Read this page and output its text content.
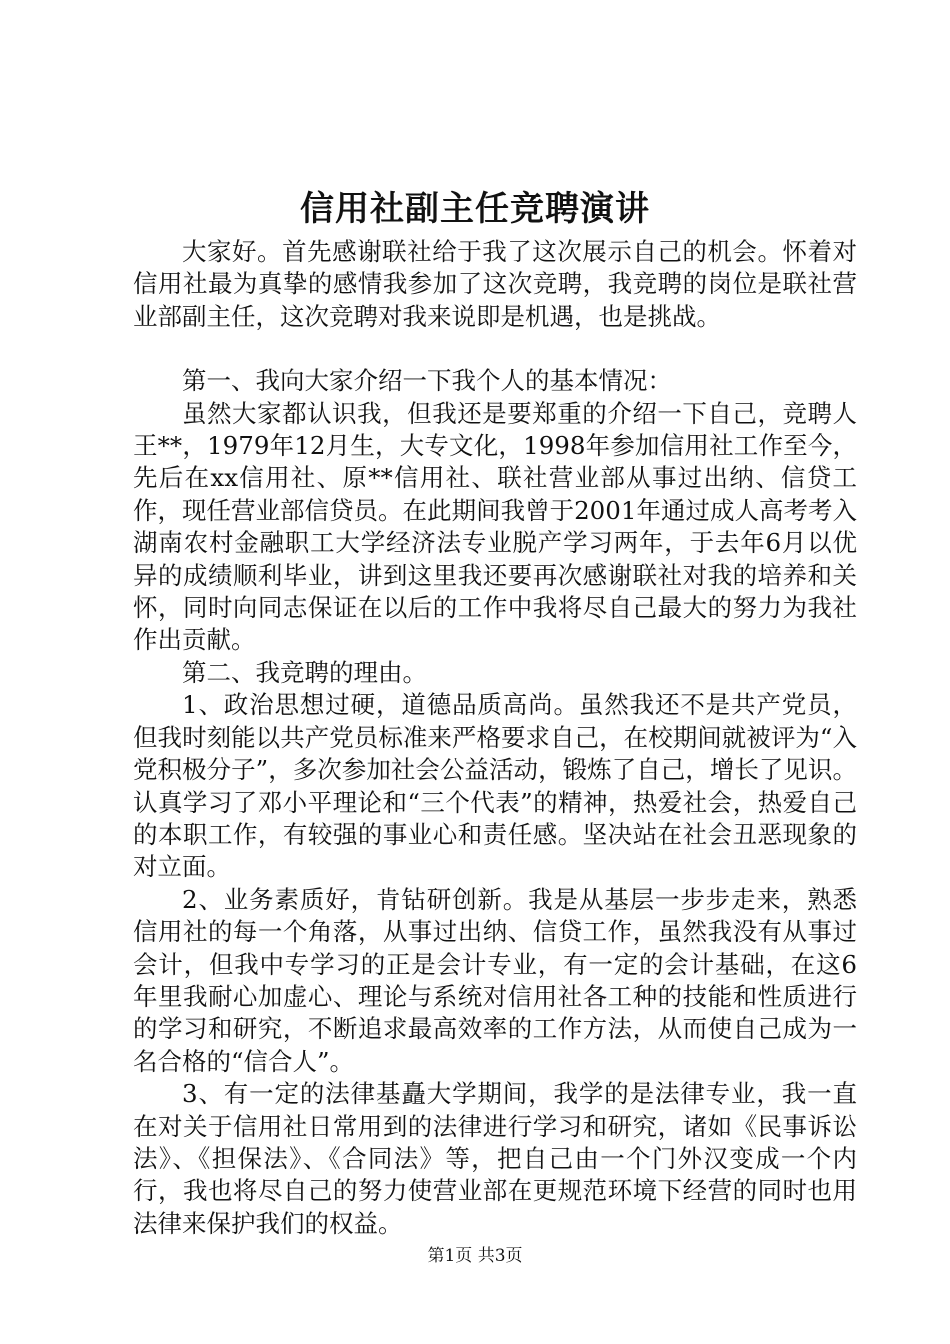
信用社副主任竞聘演讲

大家好。首先感谢联社给于我了这次展示自己的机会。怀着对信用社最为真挚的感情我参加了这次竞聘，我竞聘的岗位是联社营业部副主任，这次竞聘对我来说即是机遇，也是挑战。

第一、我向大家介绍一下我个人的基本情况：

虽然大家都认识我，但我还是要郑重的介绍一下自己，竞聘人王**，1979年12月生，大专文化，1998年参加信用社工作至今，先后在xx信用社、原**信用社、联社营业部从事过出纳、信贷工作，现任营业部信贷员。在此期间我曾于2001年通过成人高考考入湖南农村金融职工大学经济法专业脱产学习两年，于去年6月以优异的成绩顺利毕业，讲到这里我还要再次感谢联社对我的培养和关怀，同时向同志保证在以后的工作中我将尽自己最大的努力为我社作出贡献。

第二、我竞聘的理由。

1、政治思想过硬，道德品质高尚。虽然我还不是共产党员，但我时刻能以共产党员标准来严格要求自己，在校期间就被评为“入党积极分子”，多次参加社会公益活动，锻炼了自己，增长了见识。认真学习了邓小平理论和“三个代表”的精神，热爱社会，热爱自己的本职工作，有较强的事业心和责任感。坚决站在社会丑恶现象的对立面。

2、业务素质好，肯钻研创新。我是从基层一步步走来，熟悉信用社的每一个角落，从事过出纳、信贷工作，虽然我没有从事过会计，但我中专学习的正是会计专业，有一定的会计基础，在这6年里我耐心加虚心、理论与系统对信用社各工种的技能和性质进行的学习和研究，不断追求最高效率的工作方法，从而使自己成为一名合格的“信合人”。

3、有一定的法律基矗大学期间，我学的是法律专业，我一直在对关于信用社日常用到的法律进行学习和研究，诸如《民事诉讼法》、《担保法》、《合同法》等，把自己由一个门外汉变成一个内行，我也将尽自己的努力使营业部在更规范环境下经营的同时也用法律来保护我们的权益。

第1页 共3页
